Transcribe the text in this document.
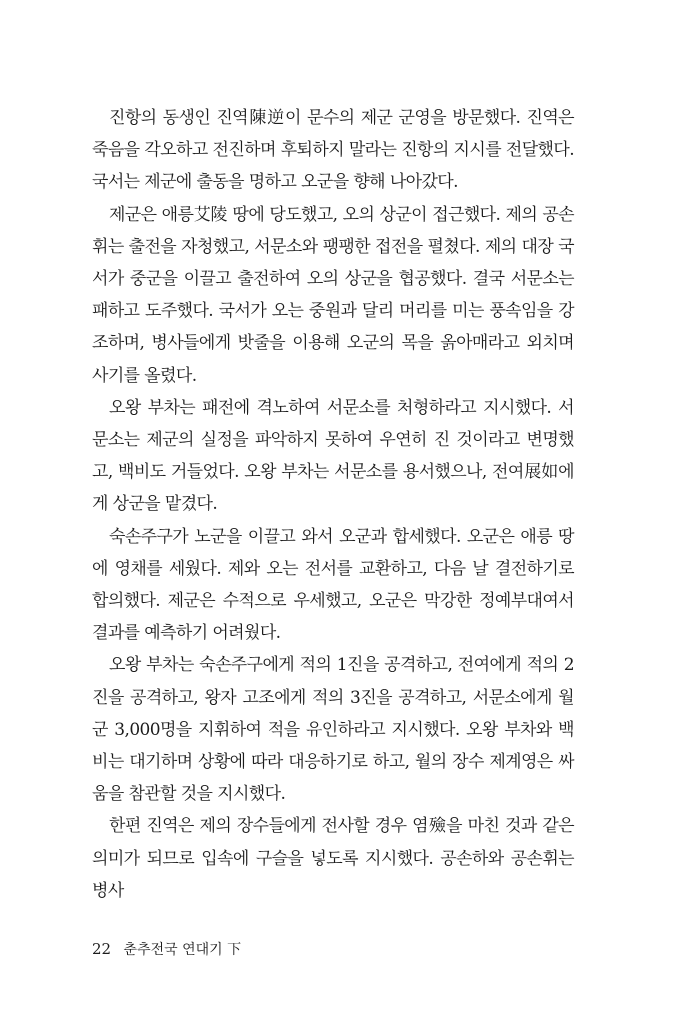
진항의 동생인 진역陳逆이 문수의 제군 군영을 방문했다. 진역은 죽음을 각오하고 전진하며 후퇴하지 말라는 진항의 지시를 전달했다. 국서는 제군에 출동을 명하고 오군을 향해 나아갔다.

제군은 애릉艾陵 땅에 당도했고, 오의 상군이 접근했다. 제의 공손휘는 출전을 자청했고, 서문소와 팽팽한 접전을 펼쳤다. 제의 대장 국서가 중군을 이끌고 출전하여 오의 상군을 협공했다. 결국 서문소는 패하고 도주했다. 국서가 오는 중원과 달리 머리를 미는 풍속임을 강조하며, 병사들에게 밧줄을 이용해 오군의 목을 옭아매라고 외치며 사기를 올렸다.

오왕 부차는 패전에 격노하여 서문소를 처형하라고 지시했다. 서문소는 제군의 실정을 파악하지 못하여 우연히 진 것이라고 변명했고, 백비도 거들었다. 오왕 부차는 서문소를 용서했으나, 전여展如에게 상군을 맡겼다.

숙손주구가 노군을 이끌고 와서 오군과 합세했다. 오군은 애릉 땅에 영채를 세웠다. 제와 오는 전서를 교환하고, 다음 날 결전하기로 합의했다. 제군은 수적으로 우세했고, 오군은 막강한 정예부대여서 결과를 예측하기 어려웠다.

오왕 부차는 숙손주구에게 적의 1진을 공격하고, 전여에게 적의 2진을 공격하고, 왕자 고조에게 적의 3진을 공격하고, 서문소에게 월군 3,000명을 지휘하여 적을 유인하라고 지시했다. 오왕 부차와 백비는 대기하며 상황에 따라 대응하기로 하고, 월의 장수 제계영은 싸움을 참관할 것을 지시했다.

한편 진역은 제의 장수들에게 전사할 경우 염殮을 마친 것과 같은 의미가 되므로 입속에 구슬을 넣도록 지시했다. 공손하와 공손휘는 병사

22 춘추전국 연대기 下
